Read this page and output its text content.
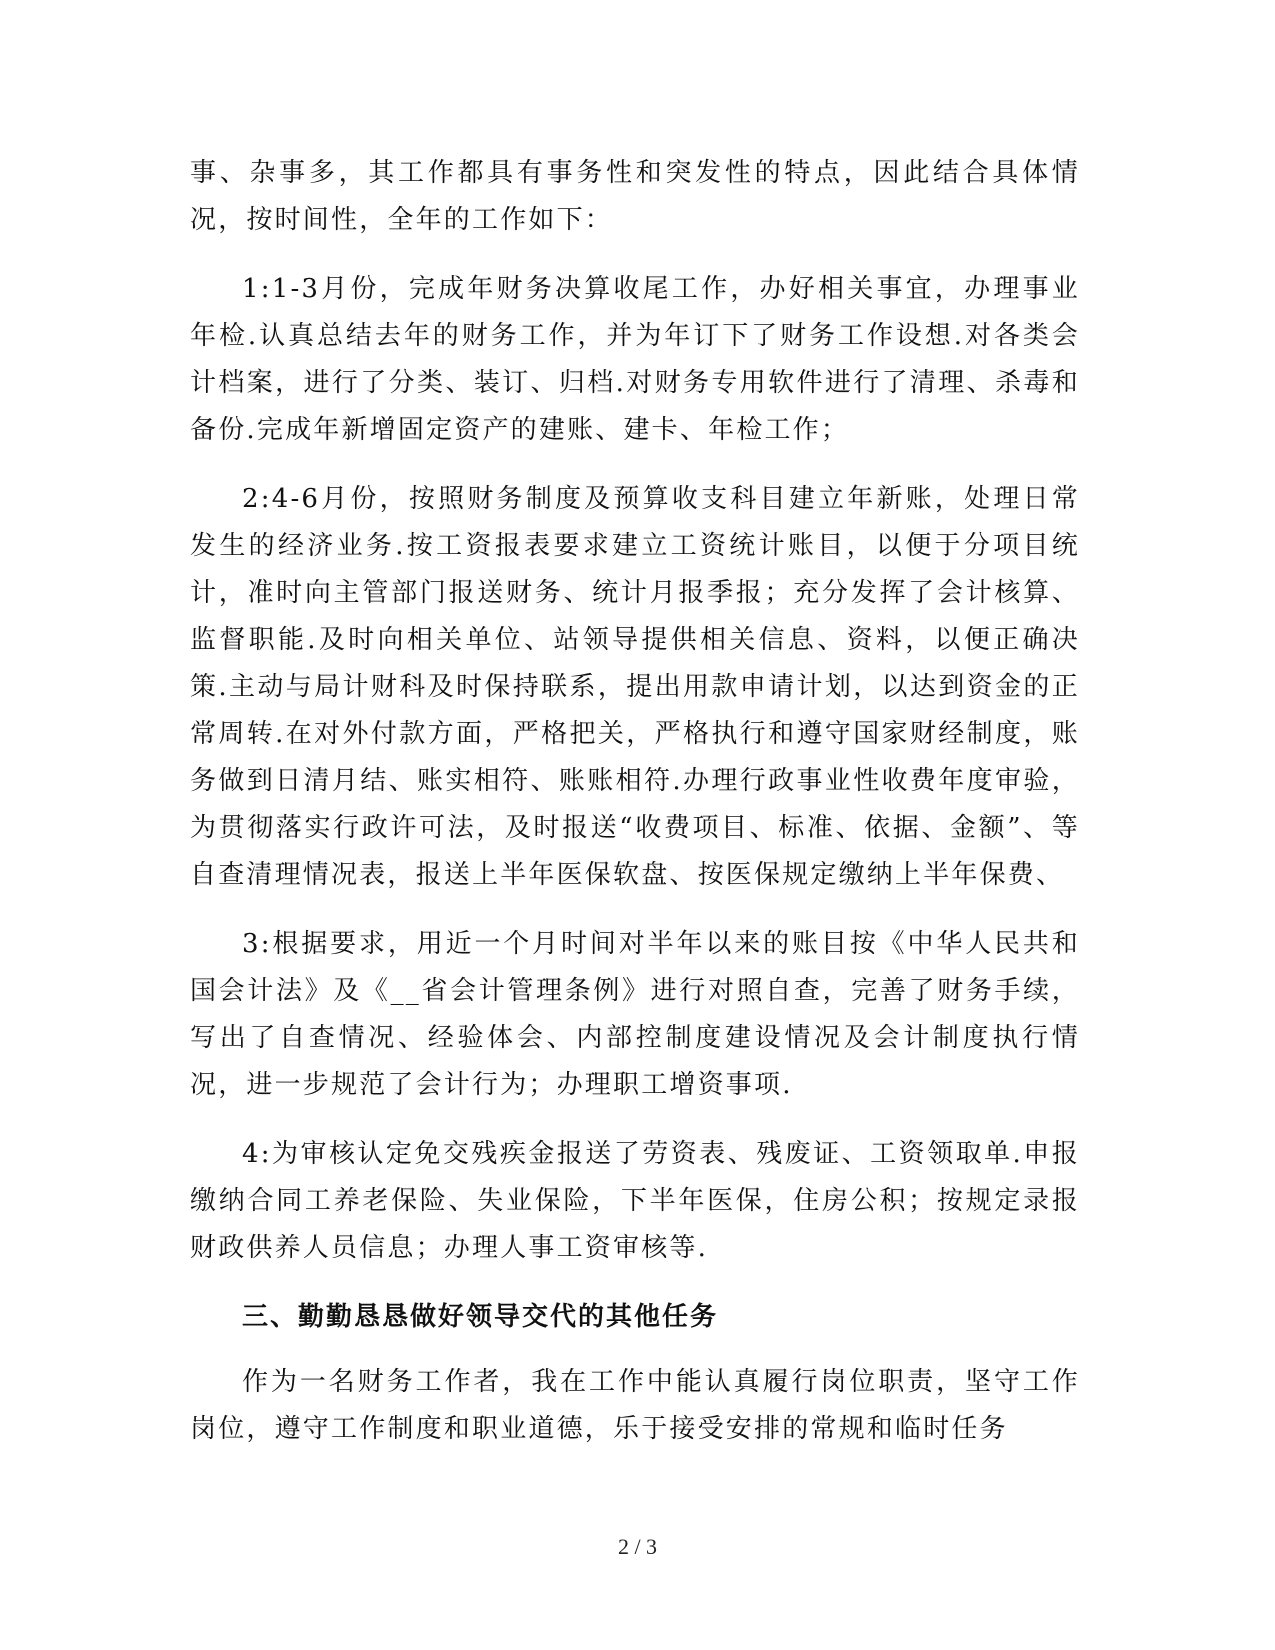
事、杂事多，其工作都具有事务性和突发性的特点，因此结合具体情况，按时间性，全年的工作如下：

1:1-3月份，完成年财务决算收尾工作，办好相关事宜，办理事业年检.认真总结去年的财务工作，并为年订下了财务工作设想.对各类会计档案，进行了分类、装订、归档.对财务专用软件进行了清理、杀毒和备份.完成年新增固定资产的建账、建卡、年检工作；

2:4-6月份，按照财务制度及预算收支科目建立年新账，处理日常发生的经济业务.按工资报表要求建立工资统计账目，以便于分项目统计，准时向主管部门报送财务、统计月报季报；充分发挥了会计核算、监督职能.及时向相关单位、站领导提供相关信息、资料，以便正确决策.主动与局计财科及时保持联系，提出用款申请计划，以达到资金的正常周转.在对外付款方面，严格把关，严格执行和遵守国家财经制度，账务做到日清月结、账实相符、账账相符.办理行政事业性收费年度审验，为贯彻落实行政许可法，及时报送“收费项目、标准、依据、金额”、等自查清理情况表，报送上半年医保软盘、按医保规定缴纳上半年保费、

3:根据要求，用近一个月时间对半年以来的账目按《中华人民共和国会计法》及《__省会计管理条例》进行对照自查，完善了财务手续，写出了自查情况、经验体会、内部控制度建设情况及会计制度执行情况，进一步规范了会计行为；办理职工增资事项.

4:为审核认定免交残疾金报送了劳资表、残废证、工资领取单.申报缴纳合同工养老保险、失业保险，下半年医保，住房公积；按规定录报财政供养人员信息；办理人事工资审核等.

三、勤勤恳恳做好领导交代的其他任务

作为一名财务工作者，我在工作中能认真履行岗位职责，坚守工作岗位，遵守工作制度和职业道德，乐于接受安排的常规和临时任务

2 / 3
